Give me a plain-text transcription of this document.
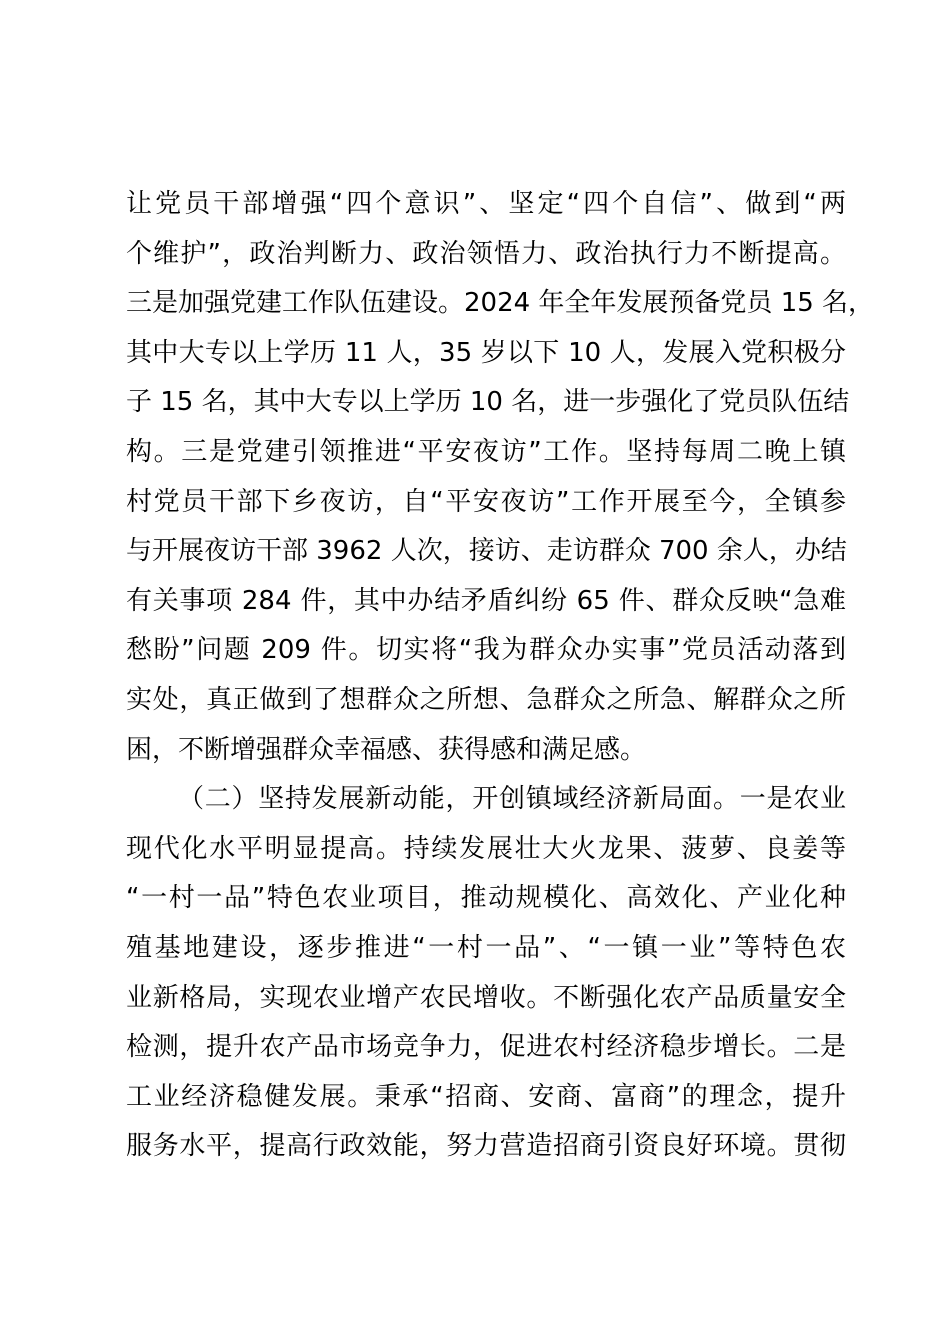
让党员干部增强“四个意识”、坚定“四个自信”、做到“两
个维护”，政治判断力、政治领悟力、政治执行力不断提高。
三是加强党建工作队伍建设。2024 年全年发展预备党员 15 名，
其中大专以上学历 11 人，35 岁以下 10 人，发展入党积极分
子 15 名，其中大专以上学历 10 名，进一步强化了党员队伍结
构。三是党建引领推进“平安夜访”工作。坚持每周二晚上镇
村党员干部下乡夜访，自“平安夜访”工作开展至今，全镇参
与开展夜访干部 3962 人次，接访、走访群众 700 余人，办结
有关事项 284 件，其中办结矛盾纠纷 65 件、群众反映“急难
愁盼”问题 209 件。切实将“我为群众办实事”党员活动落到
实处，真正做到了想群众之所想、急群众之所急、解群众之所
困，不断增强群众幸福感、获得感和满足感。
（二）坚持发展新动能，开创镇域经济新局面。一是农业
现代化水平明显提高。持续发展壮大火龙果、菠萝、良姜等
“一村一品”特色农业项目，推动规模化、高效化、产业化种
殖基地建设，逐步推进“一村一品”、“一镇一业”等特色农
业新格局，实现农业增产农民增收。不断强化农产品质量安全
检测，提升农产品市场竞争力，促进农村经济稳步增长。二是
工业经济稳健发展。秉承“招商、安商、富商”的理念，提升
服务水平，提高行政效能，努力营造招商引资良好环境。贯彻
